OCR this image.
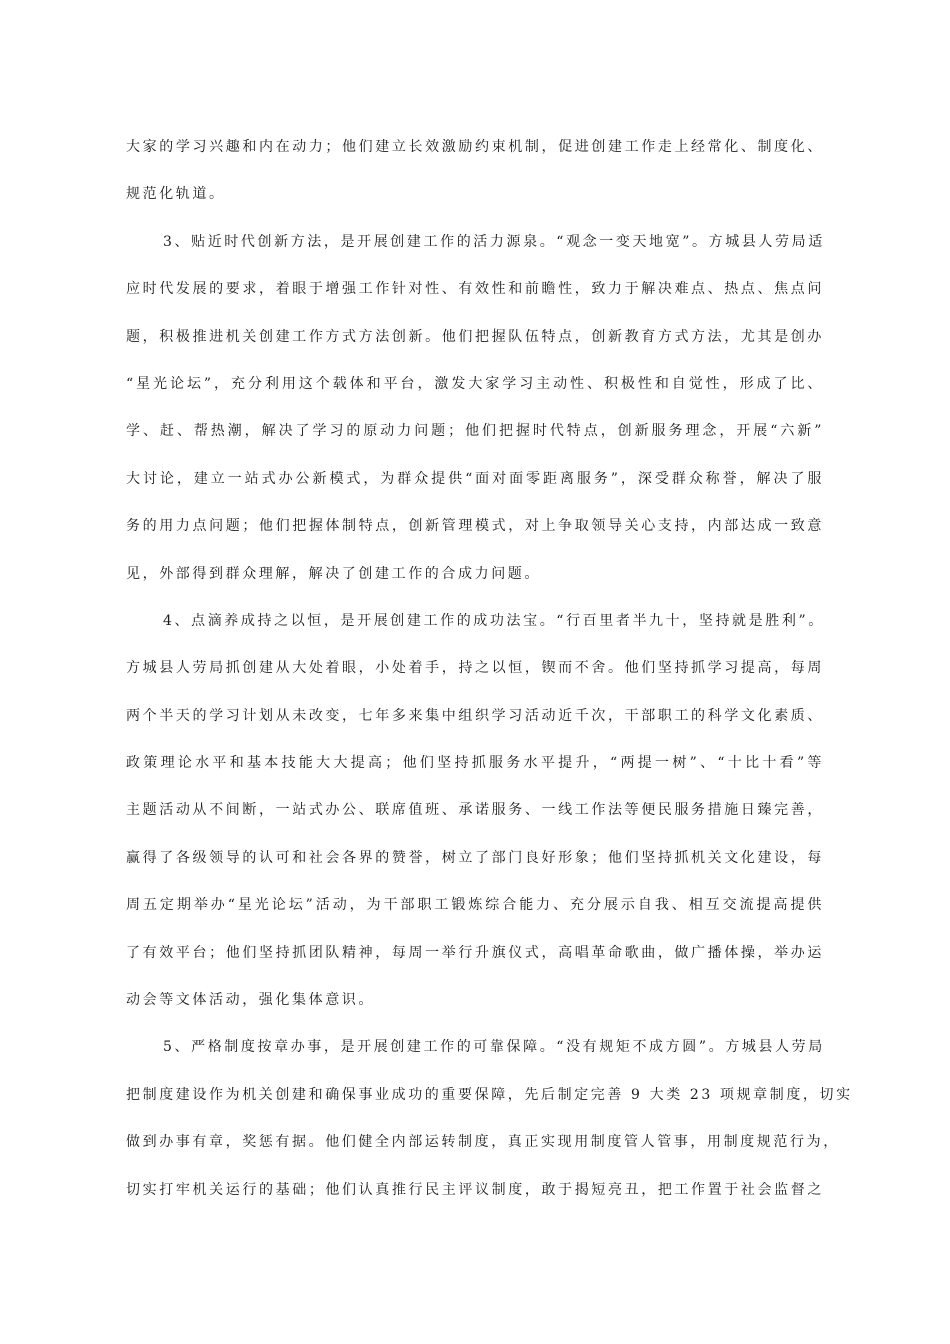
大家的学习兴趣和内在动力；他们建立长效激励约束机制，促进创建工作走上经常化、制度化、
规范化轨道。
3、贴近时代创新方法，是开展创建工作的活力源泉。“观念一变天地宽”。方城县人劳局适
应时代发展的要求，着眼于增强工作针对性、有效性和前瞻性，致力于解决难点、热点、焦点问
题，积极推进机关创建工作方式方法创新。他们把握队伍特点，创新教育方式方法，尤其是创办
“星光论坛”，充分利用这个载体和平台，激发大家学习主动性、积极性和自觉性，形成了比、
学、赶、帮热潮，解决了学习的原动力问题；他们把握时代特点，创新服务理念，开展“六新”
大讨论，建立一站式办公新模式，为群众提供“面对面零距离服务”，深受群众称誉，解决了服
务的用力点问题；他们把握体制特点，创新管理模式，对上争取领导关心支持，内部达成一致意
见，外部得到群众理解，解决了创建工作的合成力问题。
4、点滴养成持之以恒，是开展创建工作的成功法宝。“行百里者半九十，坚持就是胜利”。
方城县人劳局抓创建从大处着眼，小处着手，持之以恒，锲而不舍。他们坚持抓学习提高，每周
两个半天的学习计划从未改变，七年多来集中组织学习活动近千次，干部职工的科学文化素质、
政策理论水平和基本技能大大提高；他们坚持抓服务水平提升，“两提一树”、“十比十看”等
主题活动从不间断，一站式办公、联席值班、承诺服务、一线工作法等便民服务措施日臻完善，
赢得了各级领导的认可和社会各界的赞誉，树立了部门良好形象；他们坚持抓机关文化建设，每
周五定期举办“星光论坛”活动，为干部职工锻炼综合能力、充分展示自我、相互交流提高提供
了有效平台；他们坚持抓团队精神，每周一举行升旗仪式，高唱革命歌曲，做广播体操，举办运
动会等文体活动，强化集体意识。
5、严格制度按章办事，是开展创建工作的可靠保障。“没有规矩不成方圆”。方城县人劳局
把制度建设作为机关创建和确保事业成功的重要保障，先后制定完善 9 大类 23 项规章制度，切实
做到办事有章，奖惩有据。他们健全内部运转制度，真正实现用制度管人管事，用制度规范行为，
切实打牢机关运行的基础；他们认真推行民主评议制度，敢于揭短亮丑，把工作置于社会监督之
